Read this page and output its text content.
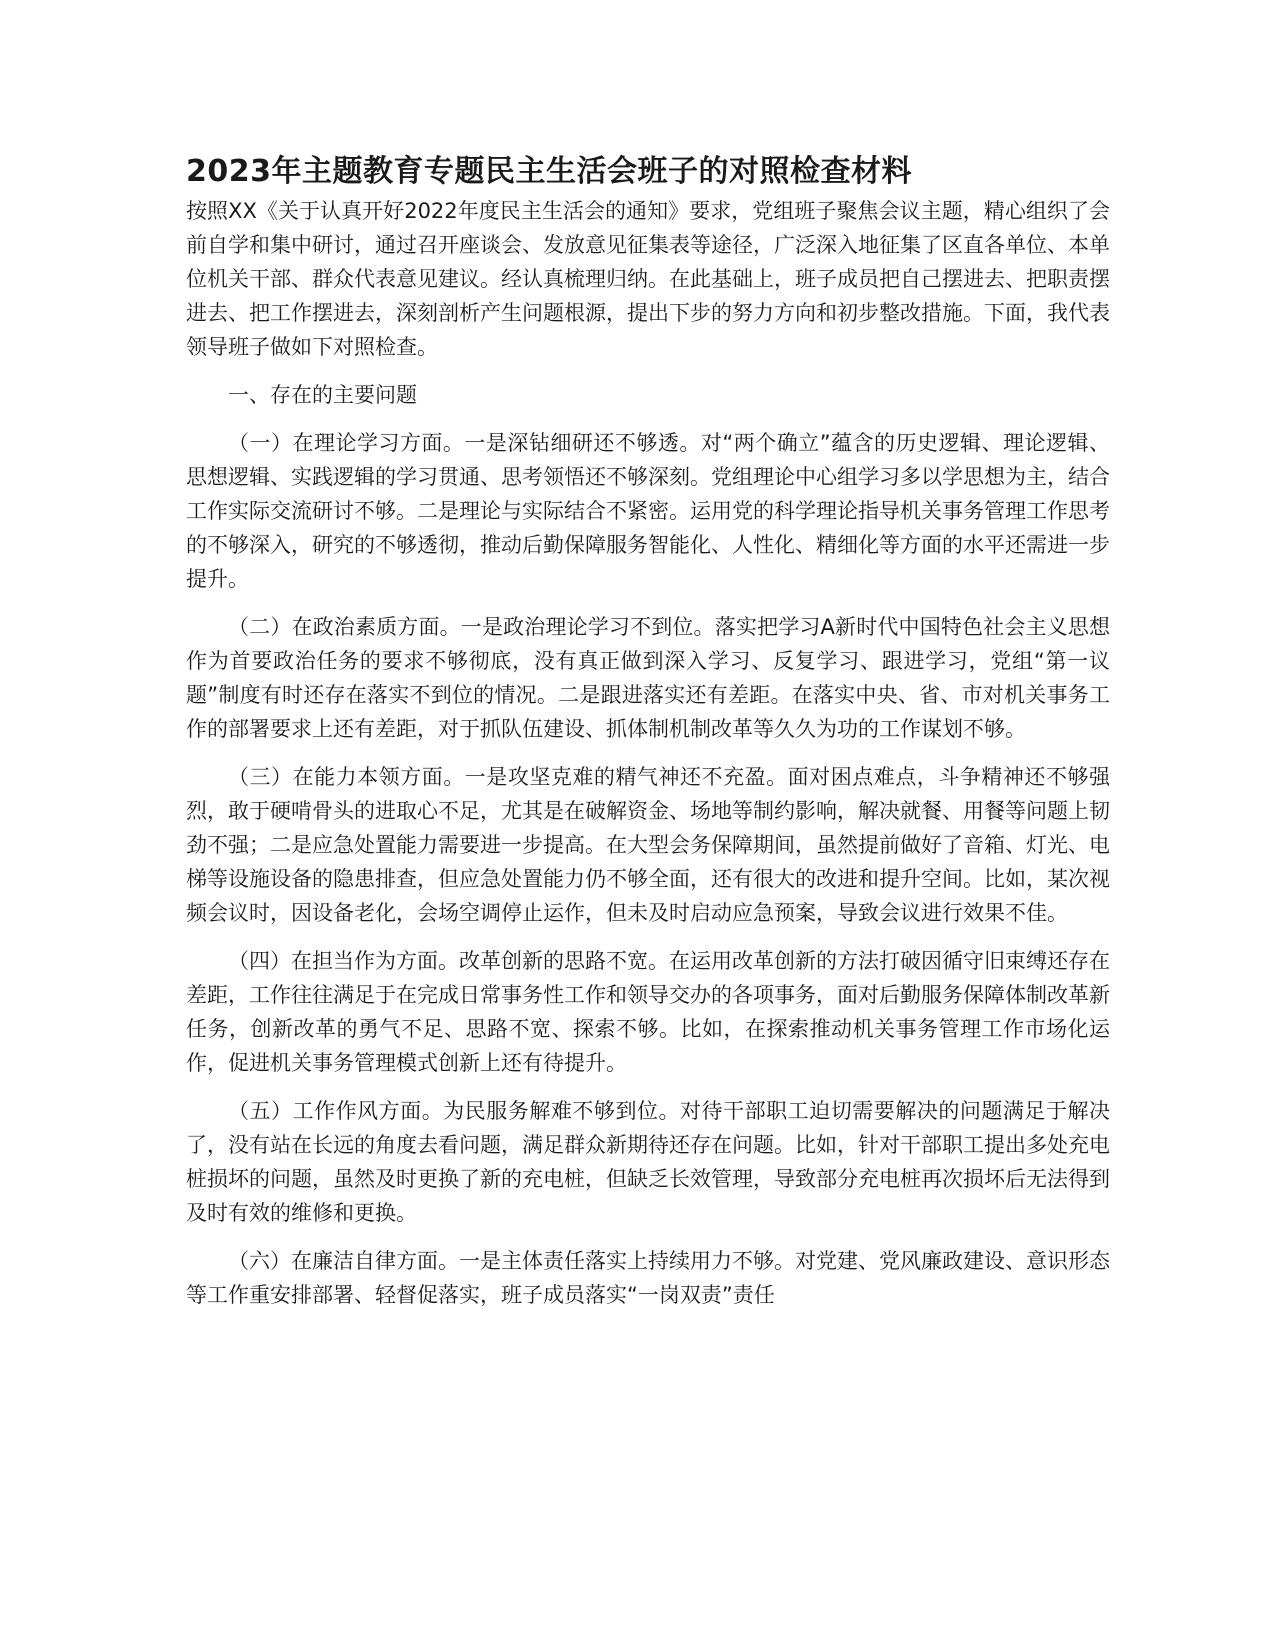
2023年主题教育专题民主生活会班子的对照检查材料

按照XX《关于认真开好2022年度民主生活会的通知》要求，党组班子聚焦会议主题，精心组织了会前自学和集中研讨，通过召开座谈会、发放意见征集表等途径，广泛深入地征集了区直各单位、本单位机关干部、群众代表意见建议。经认真梳理归纳。在此基础上，班子成员把自己摆进去、把职责摆进去、把工作摆进去，深刻剖析产生问题根源，提出下步的努力方向和初步整改措施。下面，我代表领导班子做如下对照检查。

一、存在的主要问题

（一）在理论学习方面。一是深钻细研还不够透。对“两个确立”蕴含的历史逻辑、理论逻辑、思想逻辑、实践逻辑的学习贯通、思考领悟还不够深刻。党组理论中心组学习多以学思想为主，结合工作实际交流研讨不够。二是理论与实际结合不紧密。运用党的科学理论指导机关事务管理工作思考的不够深入，研究的不够透彻，推动后勤保障服务智能化、人性化、精细化等方面的水平还需进一步提升。

（二）在政治素质方面。一是政治理论学习不到位。落实把学习A新时代中国特色社会主义思想作为首要政治任务的要求不够彻底，没有真正做到深入学习、反复学习、跟进学习，党组“第一议题”制度有时还存在落实不到位的情况。二是跟进落实还有差距。在落实中央、省、市对机关事务工作的部署要求上还有差距，对于抓队伍建设、抓体制机制改革等久久为功的工作谋划不够。

（三）在能力本领方面。一是攻坚克难的精气神还不充盈。面对困点难点，斗争精神还不够强烈，敢于硬啃骨头的进取心不足，尤其是在破解资金、场地等制约影响，解决就餐、用餐等问题上韧劲不强；二是应急处置能力需要进一步提高。在大型会务保障期间，虽然提前做好了音箱、灯光、电梯等设施设备的隐患排查，但应急处置能力仍不够全面，还有很大的改进和提升空间。比如，某次视频会议时，因设备老化，会场空调停止运作，但未及时启动应急预案，导致会议进行效果不佳。

（四）在担当作为方面。改革创新的思路不宽。在运用改革创新的方法打破因循守旧束缚还存在差距，工作往往满足于在完成日常事务性工作和领导交办的各项事务，面对后勤服务保障体制改革新任务，创新改革的勇气不足、思路不宽、探索不够。比如，在探索推动机关事务管理工作市场化运作，促进机关事务管理模式创新上还有待提升。

（五）工作作风方面。为民服务解难不够到位。对待干部职工迫切需要解决的问题满足于解决了，没有站在长远的角度去看问题，满足群众新期待还存在问题。比如，针对干部职工提出多处充电桩损坏的问题，虽然及时更换了新的充电桩，但缺乏长效管理，导致部分充电桩再次损坏后无法得到及时有效的维修和更换。

（六）在廉洁自律方面。一是主体责任落实上持续用力不够。对党建、党风廉政建设、意识形态等工作重安排部署、轻督促落实，班子成员落实“一岗双责”责任
